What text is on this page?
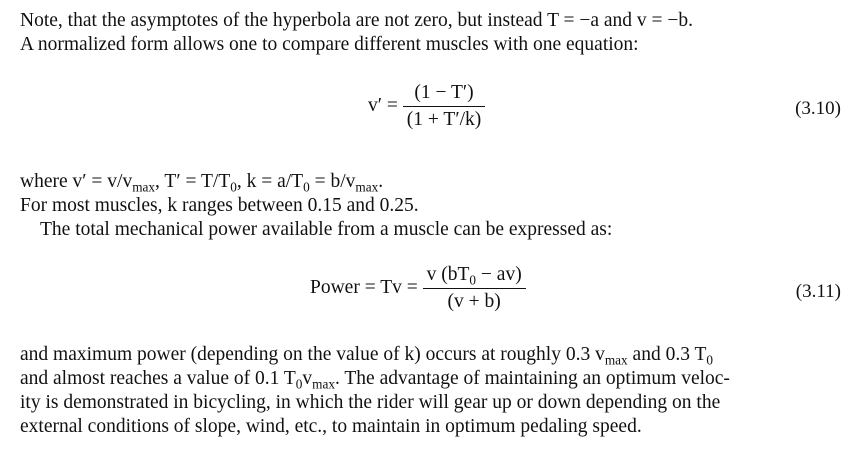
Note, that the asymptotes of the hyperbola are not zero, but instead T = −a and v = −b.
A normalized form allows one to compare different muscles with one equation:
$v' = \frac{(1 - T')}{(1 + T'/k)}$	(3.10)
where $v' = v/v_{max}$, $T' = T/T_0$, $k = a/T_0 = b/v_{max}$.
For most muscles, k ranges between 0.15 and 0.25.
The total mechanical power available from a muscle can be expressed as:
Power = $Tv = \frac{v (bT_0 - av)}{(v + b)}$	(3.11)
and maximum power (depending on the value of k) occurs at roughly 0.3 $v_{max}$ and 0.3 $T_0$
and almost reaches a value of 0.1 $T_0v_{max}$. The advantage of maintaining an optimum veloc-
ity is demonstrated in bicycling, in which the rider will gear up or down depending on the
external conditions of slope, wind, etc., to maintain in optimum pedaling speed.
